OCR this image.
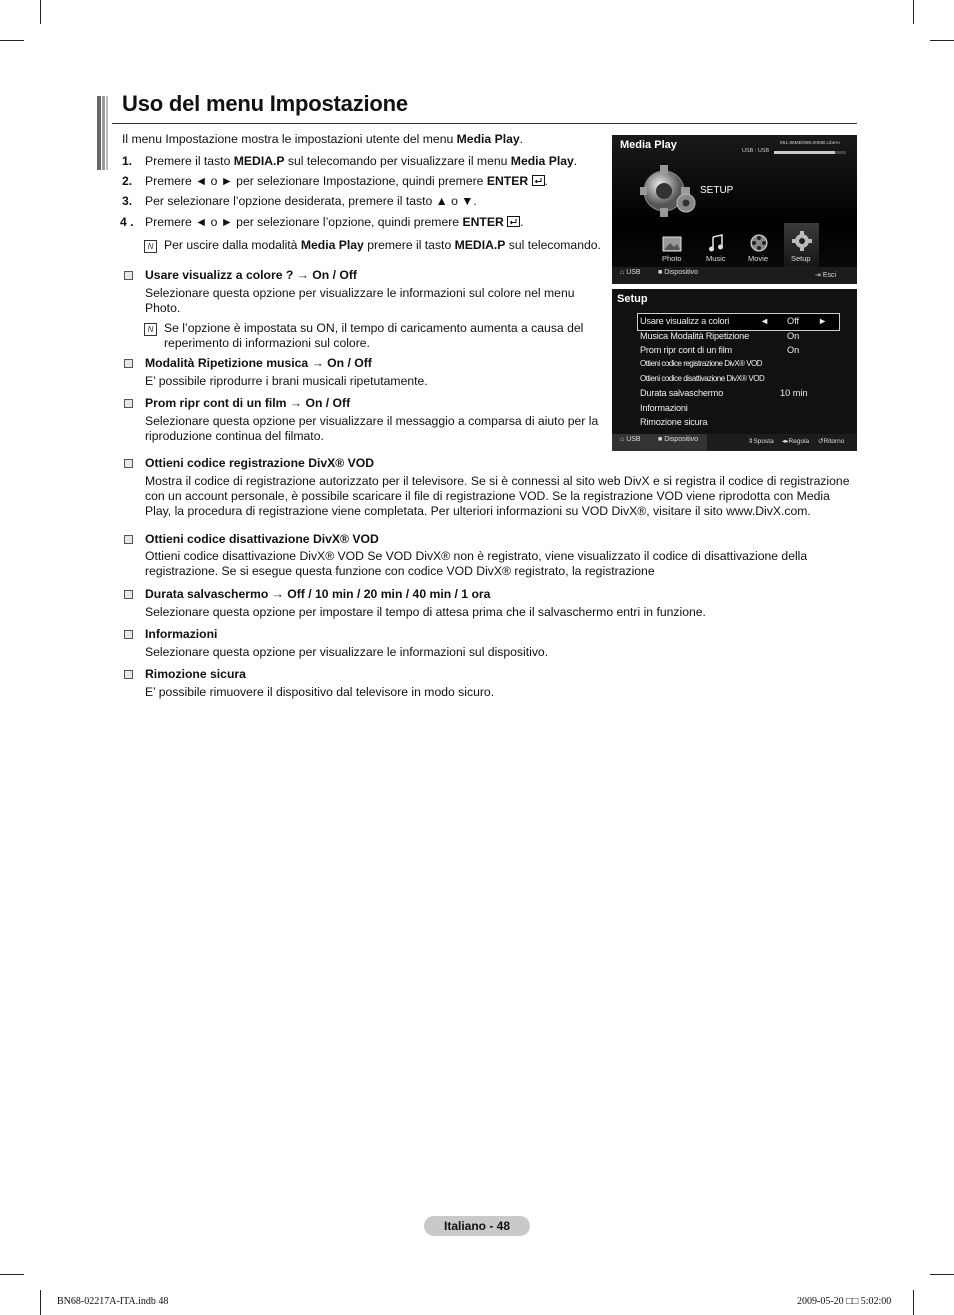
Uso del menu Impostazione
Il menu Impostazione mostra le impostazioni utente del menu Media Play.
1. Premere il tasto MEDIA.P sul telecomando per visualizzare il menu Media Play.
2. Premere ◄ o ► per selezionare Impostazione, quindi premere ENTER .
3. Per selezionare l’opzione desiderata, premere il tasto ▲ o ▼.
4 . Premere ◄ o ► per selezionare l’opzione, quindi premere ENTER .
N Per uscire dalla modalità Media Play premere il tasto MEDIA.P sul telecomando.
Usare visualizz a colore ? → On / Off
Selezionare questa opzione per visualizzare le informazioni sul colore nel menu Photo.
N Se l’opzione è impostata su ON, il tempo di caricamento aumenta a causa del reperimento di informazioni sul colore.
Modalità Ripetizione musica → On / Off
E’ possibile riprodurre i brani musicali ripetutamente.
Prom ripr cont di un film → On / Off
Selezionare questa opzione per visualizzare il messaggio a comparsa di aiuto per la riproduzione continua del filmato.
Ottieni codice registrazione DivX® VOD
Mostra il codice di registrazione autorizzato per il televisore. Se si è connessi al sito web DivX e si registra il codice di registrazione con un account personale, è possibile scaricare il file di registrazione VOD. Se la registrazione VOD viene riprodotta con Media Play, la procedura di registrazione viene completata. Per ulteriori informazioni su VOD DivX®, visitare il sito www.DivX.com.
Ottieni codice disattivazione DivX® VOD
Ottieni codice disattivazione DivX® VOD Se VOD DivX® non è registrato, viene visualizzato il codice di disattivazione della registrazione. Se si esegue questa funzione con codice VOD DivX® registrato, la registrazione
Durata salvaschermo → Off / 10 min / 20 min / 40 min / 1 ora
Selezionare questa opzione per impostare il tempo di attesa prima che il salvaschermo entri in funzione.
Informazioni
Selezionare questa opzione per visualizzare le informazioni sul dispositivo.
Rimozione sicura
E’ possibile rimuovere il dispositivo dal televisore in modo sicuro.
Media Play	851.98MB/995.00MB Libero
USB : USB
SETUP
Photo	Music	Movie	Setup
⌂ USB ■ Dispositivo	⇥ Esci
Setup
Usare visualizz a colori	◄ Off ►
Musica Modalità Ripetizione	On
Prom ripr cont di un film	On
Ottieni codice registrazione DivX® VOD
Ottieni codice disattivazione DivX® VOD
Durata salvaschermo	10 min
Informazioni
Rimozione sicura
⌂ USB ■ Dispositivo	⇕Sposta ◂▸Regola ↺Ritorno
Italiano - 48
BN68-02217A-ITA.indb 48	2009-05-20 □□ 5:02:00
